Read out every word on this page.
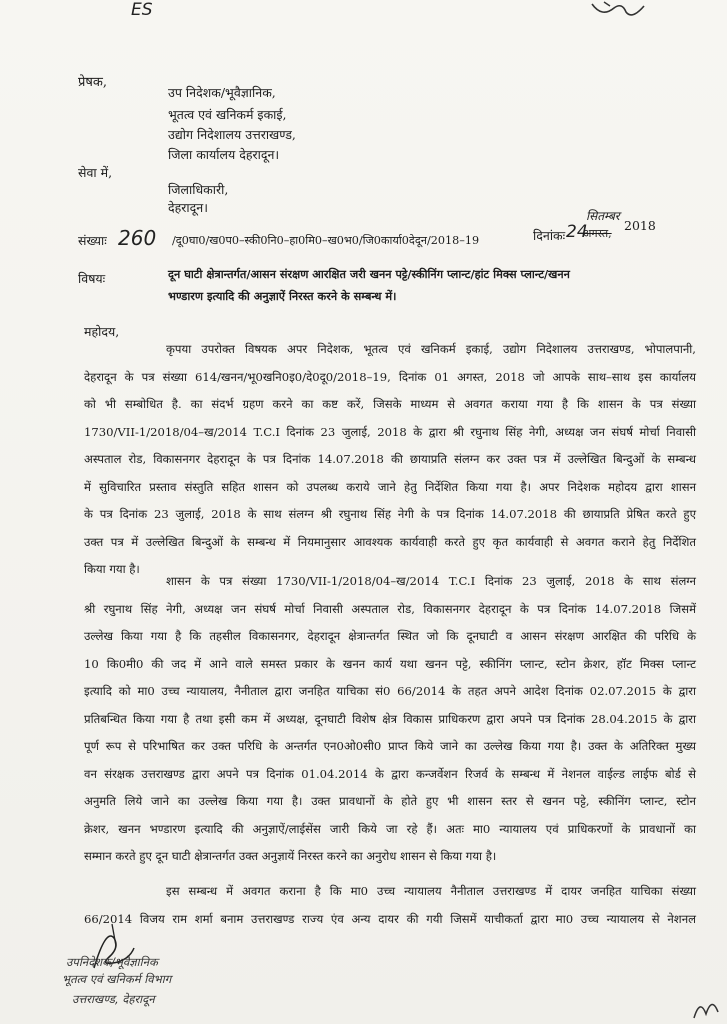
ES
प्रेषक,
उप निदेशक/भूवैज्ञानिक,
भूतत्व एवं खनिकर्म इकाई,
उद्योग निदेशालय उत्तराखण्ड,
जिला कार्यालय देहरादून।
सेवा में,
जिलाधिकारी,
देहरादून।
संख्याः 260 /दू0घा0/ख0प0–स्की0नि0–हा0मि0–ख0भ0/जि0कार्या0देदून/2018–19	दिनांकः 24
सितम्बर
अगस्त,
2018
विषयः	दून घाटी क्षेत्रान्तर्गत/आसन संरक्षण आरक्षित जरी खनन पट्टे/स्कीनिंग प्लान्ट/हांट मिक्स प्लान्ट/खनन
भण्डारण इत्यादि की अनुज्ञाऐं निरस्त करने के सम्बन्ध में।
महोदय,
कृपया उपरोक्त विषयक अपर निदेशक, भूतत्व एवं खनिकर्म इकाई, उद्योग निदेशालय उत्तराखण्ड, भोपालपानी,
देहरादून के पत्र संख्या 614/खनन/भू0खनि0इ0/दे0दू0/2018–19, दिनांक 01 अगस्त, 2018 जो आपके साथ–साथ इस कार्यालय
को भी सम्बोधित है. का संदर्भ ग्रहण करने का कष्ट करें, जिसके माध्यम से अवगत कराया गया है कि शासन के पत्र संख्या
1730/VII-1/2018/04–ख/2014 T.C.I दिनांक 23 जुलाई, 2018 के द्वारा श्री रघुनाथ सिंह नेगी, अध्यक्ष जन संघर्ष मोर्चा निवासी
अस्पताल रोड, विकासनगर देहरादून के पत्र दिनांक 14.07.2018 की छायाप्रति संलग्न कर उक्त पत्र में उल्लेखित बिन्दुओं के सम्बन्ध
में सुविचारित प्रस्ताव संस्तुति सहित शासन को उपलब्ध कराये जाने हेतु निर्देशित किया गया है। अपर निदेशक महोदय द्वारा शासन
के पत्र दिनांक 23 जुलाई, 2018 के साथ संलग्न श्री रघुनाथ सिंह नेगी के पत्र दिनांक 14.07.2018 की छायाप्रति प्रेषित करते हुए
उक्त पत्र में उल्लेखित बिन्दुओं के सम्बन्ध में नियमानुसार आवश्यक कार्यवाही करते हुए कृत कार्यवाही से अवगत कराने हेतु निर्देशित
किया गया है।
शासन के पत्र संख्या 1730/VII-1/2018/04–ख/2014 T.C.I दिनांक 23 जुलाई, 2018 के साथ संलग्न
श्री रघुनाथ सिंह नेगी, अध्यक्ष जन संघर्ष मोर्चा निवासी अस्पताल रोड, विकासनगर देहरादून के पत्र दिनांक 14.07.2018 जिसमें
उल्लेख किया गया है कि तहसील विकासनगर, देहरादून क्षेत्रान्तर्गत स्थित जो कि दूनघाटी व आसन संरक्षण आरक्षित की परिधि के
10 कि0मी0 की जद में आने वाले समस्त प्रकार के खनन कार्य यथा खनन पट्टे, स्कीनिंग प्लान्ट, स्टोन क्रेशर, हॉट मिक्स प्लान्ट
इत्यादि को मा0 उच्च न्यायालय, नैनीताल द्वारा जनहित याचिका सं0 66/2014 के तहत अपने आदेश दिनांक 02.07.2015 के द्वारा
प्रतिबन्धित किया गया है तथा इसी कम में अध्यक्ष, दूनघाटी विशेष क्षेत्र विकास प्राधिकरण द्वारा अपने पत्र दिनांक 28.04.2015 के द्वारा
पूर्ण रूप से परिभाषित कर उक्त परिधि के अन्तर्गत एन0ओ0सी0 प्राप्त किये जाने का उल्लेख किया गया है। उक्त के अतिरिक्त मुख्य
वन संरक्षक उत्तराखण्ड द्वारा अपने पत्र दिनांक 01.04.2014 के द्वारा कन्जर्वेशन रिजर्व के सम्बन्ध में नेशनल वाईल्ड लाईफ बोर्ड से
अनुमति लिये जाने का उल्लेख किया गया है। उक्त प्रावधानों के होते हुए भी शासन स्तर से खनन पट्टे, स्कीनिंग प्लान्ट, स्टोन
क्रेशर, खनन भण्डारण इत्यादि की अनुज्ञाऐं/लाईसेंस जारी किये जा रहे हैं। अतः मा0 न्यायालय एवं प्राधिकरणों के प्रावधानों का
सम्मान करते हुए दून घाटी क्षेत्रान्तर्गत उक्त अनुज्ञायें निरस्त करने का अनुरोध शासन से किया गया है।
इस सम्बन्ध में अवगत कराना है कि मा0 उच्च न्यायालय नैनीताल उत्तराखण्ड में दायर जनहित याचिका संख्या
66/2014 विजय राम शर्मा बनाम उत्तराखण्ड राज्य एंव अन्य दायर की गयी जिसमें याचीकर्ता द्वारा मा0 उच्च न्यायालय से नेशनल
उपनिदेशक/भूवैज्ञानिक
भूतत्व एवं खनिकर्म विभाग
उत्तराखण्ड, देहरादून
